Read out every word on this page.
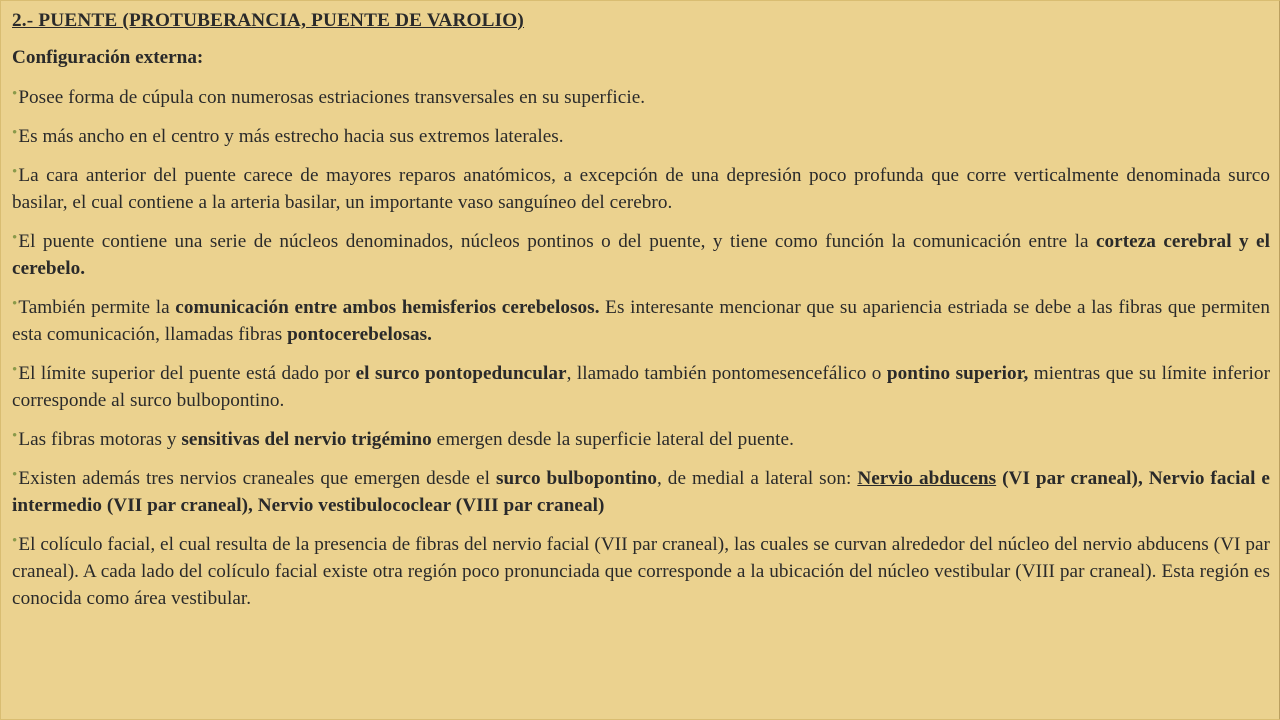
2.- PUENTE (PROTUBERANCIA, PUENTE DE VAROLIO)
Configuración externa:
•Posee forma de cúpula con numerosas estriaciones transversales en su superficie.
•Es más ancho en el centro y más estrecho hacia sus extremos laterales.
•La cara anterior del puente carece de mayores reparos anatómicos, a excepción de una depresión poco profunda que corre verticalmente denominada surco basilar, el cual contiene a la arteria basilar, un importante vaso sanguíneo del cerebro.
•El puente contiene una serie de núcleos denominados, núcleos pontinos o del puente, y tiene como función la comunicación entre la corteza cerebral y el cerebelo.
•También permite la comunicación entre ambos hemisferios cerebelosos. Es interesante mencionar que su apariencia estriada se debe a las fibras que permiten esta comunicación, llamadas fibras pontocerebelosas.
•El límite superior del puente está dado por el surco pontopeduncular, llamado también pontomesencefálico o pontino superior, mientras que su límite inferior corresponde al surco bulbopontino.
•Las fibras motoras y sensitivas del nervio trigémino emergen desde la superficie lateral del puente.
•Existen además tres nervios craneales que emergen desde el surco bulbopontino, de medial a lateral son: Nervio abducens (VI par craneal), Nervio facial e intermedio (VII par craneal), Nervio vestibulococlear (VIII par craneal)
•El colículo facial, el cual resulta de la presencia de fibras del nervio facial (VII par craneal), las cuales se curvan alrededor del núcleo del nervio abducens (VI par craneal). A cada lado del colículo facial existe otra región poco pronunciada que corresponde a la ubicación del núcleo vestibular (VIII par craneal). Esta región es conocida como área vestibular.
